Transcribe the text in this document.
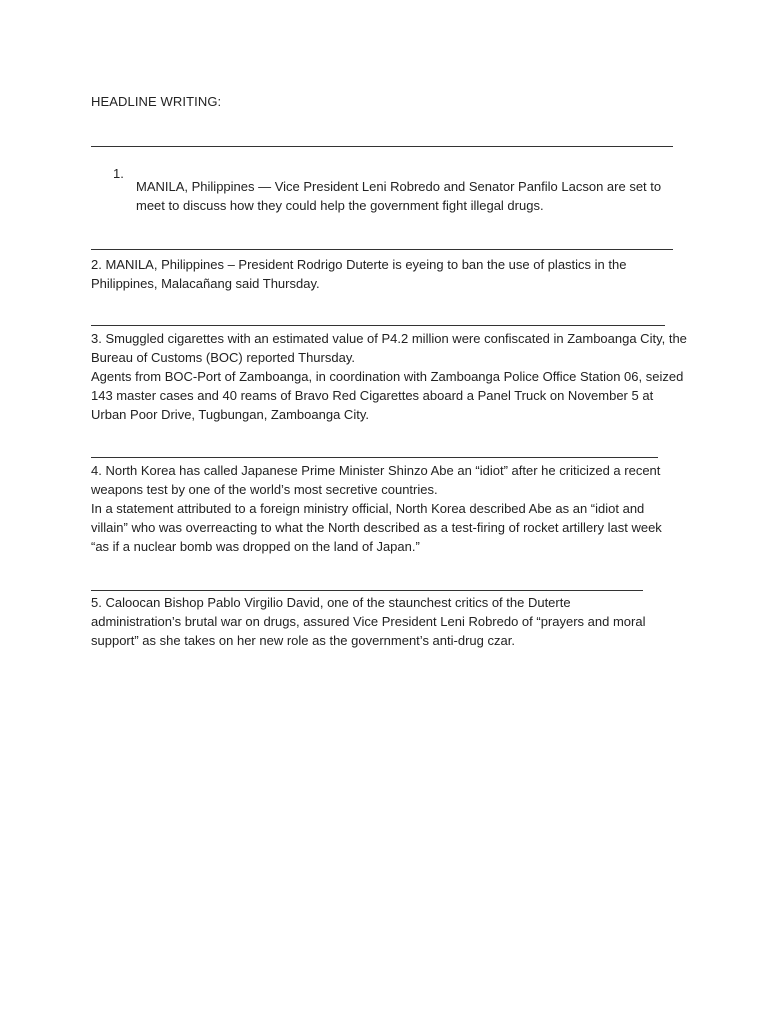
HEADLINE WRITING:
1.

MANILA, Philippines — Vice President Leni Robredo and Senator Panfilo Lacson are set to meet to discuss how they could help the government fight illegal drugs.

2. MANILA, Philippines – President Rodrigo Duterte is eyeing to ban the use of plastics in the Philippines, Malacañang said Thursday.

3. Smuggled cigarettes with an estimated value of P4.2 million were confiscated in Zamboanga City, the Bureau of Customs (BOC) reported Thursday.

Agents from BOC-Port of Zamboanga, in coordination with Zamboanga Police Office Station 06, seized 143 master cases and 40 reams of Bravo Red Cigarettes aboard a Panel Truck on November 5 at Urban Poor Drive, Tugbungan, Zamboanga City.

4. North Korea has called Japanese Prime Minister Shinzo Abe an “idiot” after he criticized a recent weapons test by one of the world’s most secretive countries.

In a statement attributed to a foreign ministry official, North Korea described Abe as an “idiot and villain” who was overreacting to what the North described as a test-firing of rocket artillery last week “as if a nuclear bomb was dropped on the land of Japan.”

5. Caloocan Bishop Pablo Virgilio David, one of the staunchest critics of the Duterte administration’s brutal war on drugs, assured Vice President Leni Robredo of “prayers and moral support” as she takes on her new role as the government’s anti-drug czar.
